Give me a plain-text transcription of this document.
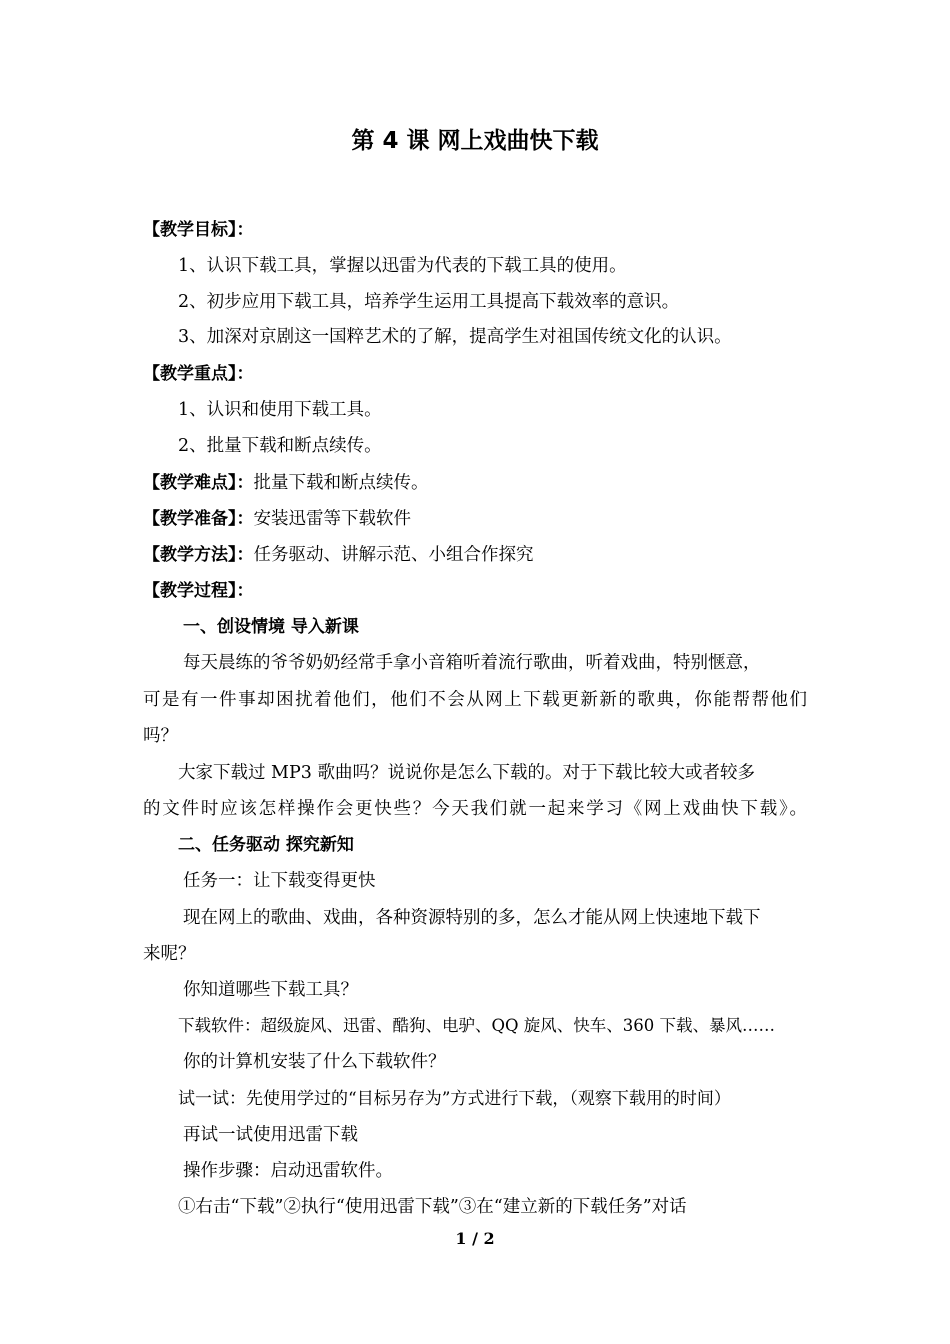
第 4 课 网上戏曲快下载
【教学目标】：
1、认识下载工具，掌握以迅雷为代表的下载工具的使用。
2、初步应用下载工具，培养学生运用工具提高下载效率的意识。
3、加深对京剧这一国粹艺术的了解，提高学生对祖国传统文化的认识。
【教学重点】：
1、认识和使用下载工具。
2、批量下载和断点续传。
【教学难点】：批量下载和断点续传。
【教学准备】：安装迅雷等下载软件
【教学方法】：任务驱动、讲解示范、小组合作探究
【教学过程】：
一、创设情境 导入新课
每天晨练的爷爷奶奶经常手拿小音箱听着流行歌曲，听着戏曲，特别惬意，
可是有一件事却困扰着他们，他们不会从网上下载更新新的歌典，你能帮帮他们
吗？
大家下载过 MP3 歌曲吗？说说你是怎么下载的。对于下载比较大或者较多
的文件时应该怎样操作会更快些？今天我们就一起来学习《网上戏曲快下载》。
二、任务驱动 探究新知
任务一：让下载变得更快
现在网上的歌曲、戏曲，各种资源特别的多，怎么才能从网上快速地下载下
来呢？
你知道哪些下载工具？
下载软件：超级旋风、迅雷、酷狗、电驴、QQ 旋风、快车、360 下载、暴风……
你的计算机安装了什么下载软件？
试一试：先使用学过的“目标另存为”方式进行下载，（观察下载用的时间）
再试一试使用迅雷下载
操作步骤：启动迅雷软件。
①右击“下载”②执行“使用迅雷下载”③在“建立新的下载任务”对话
1 / 2
